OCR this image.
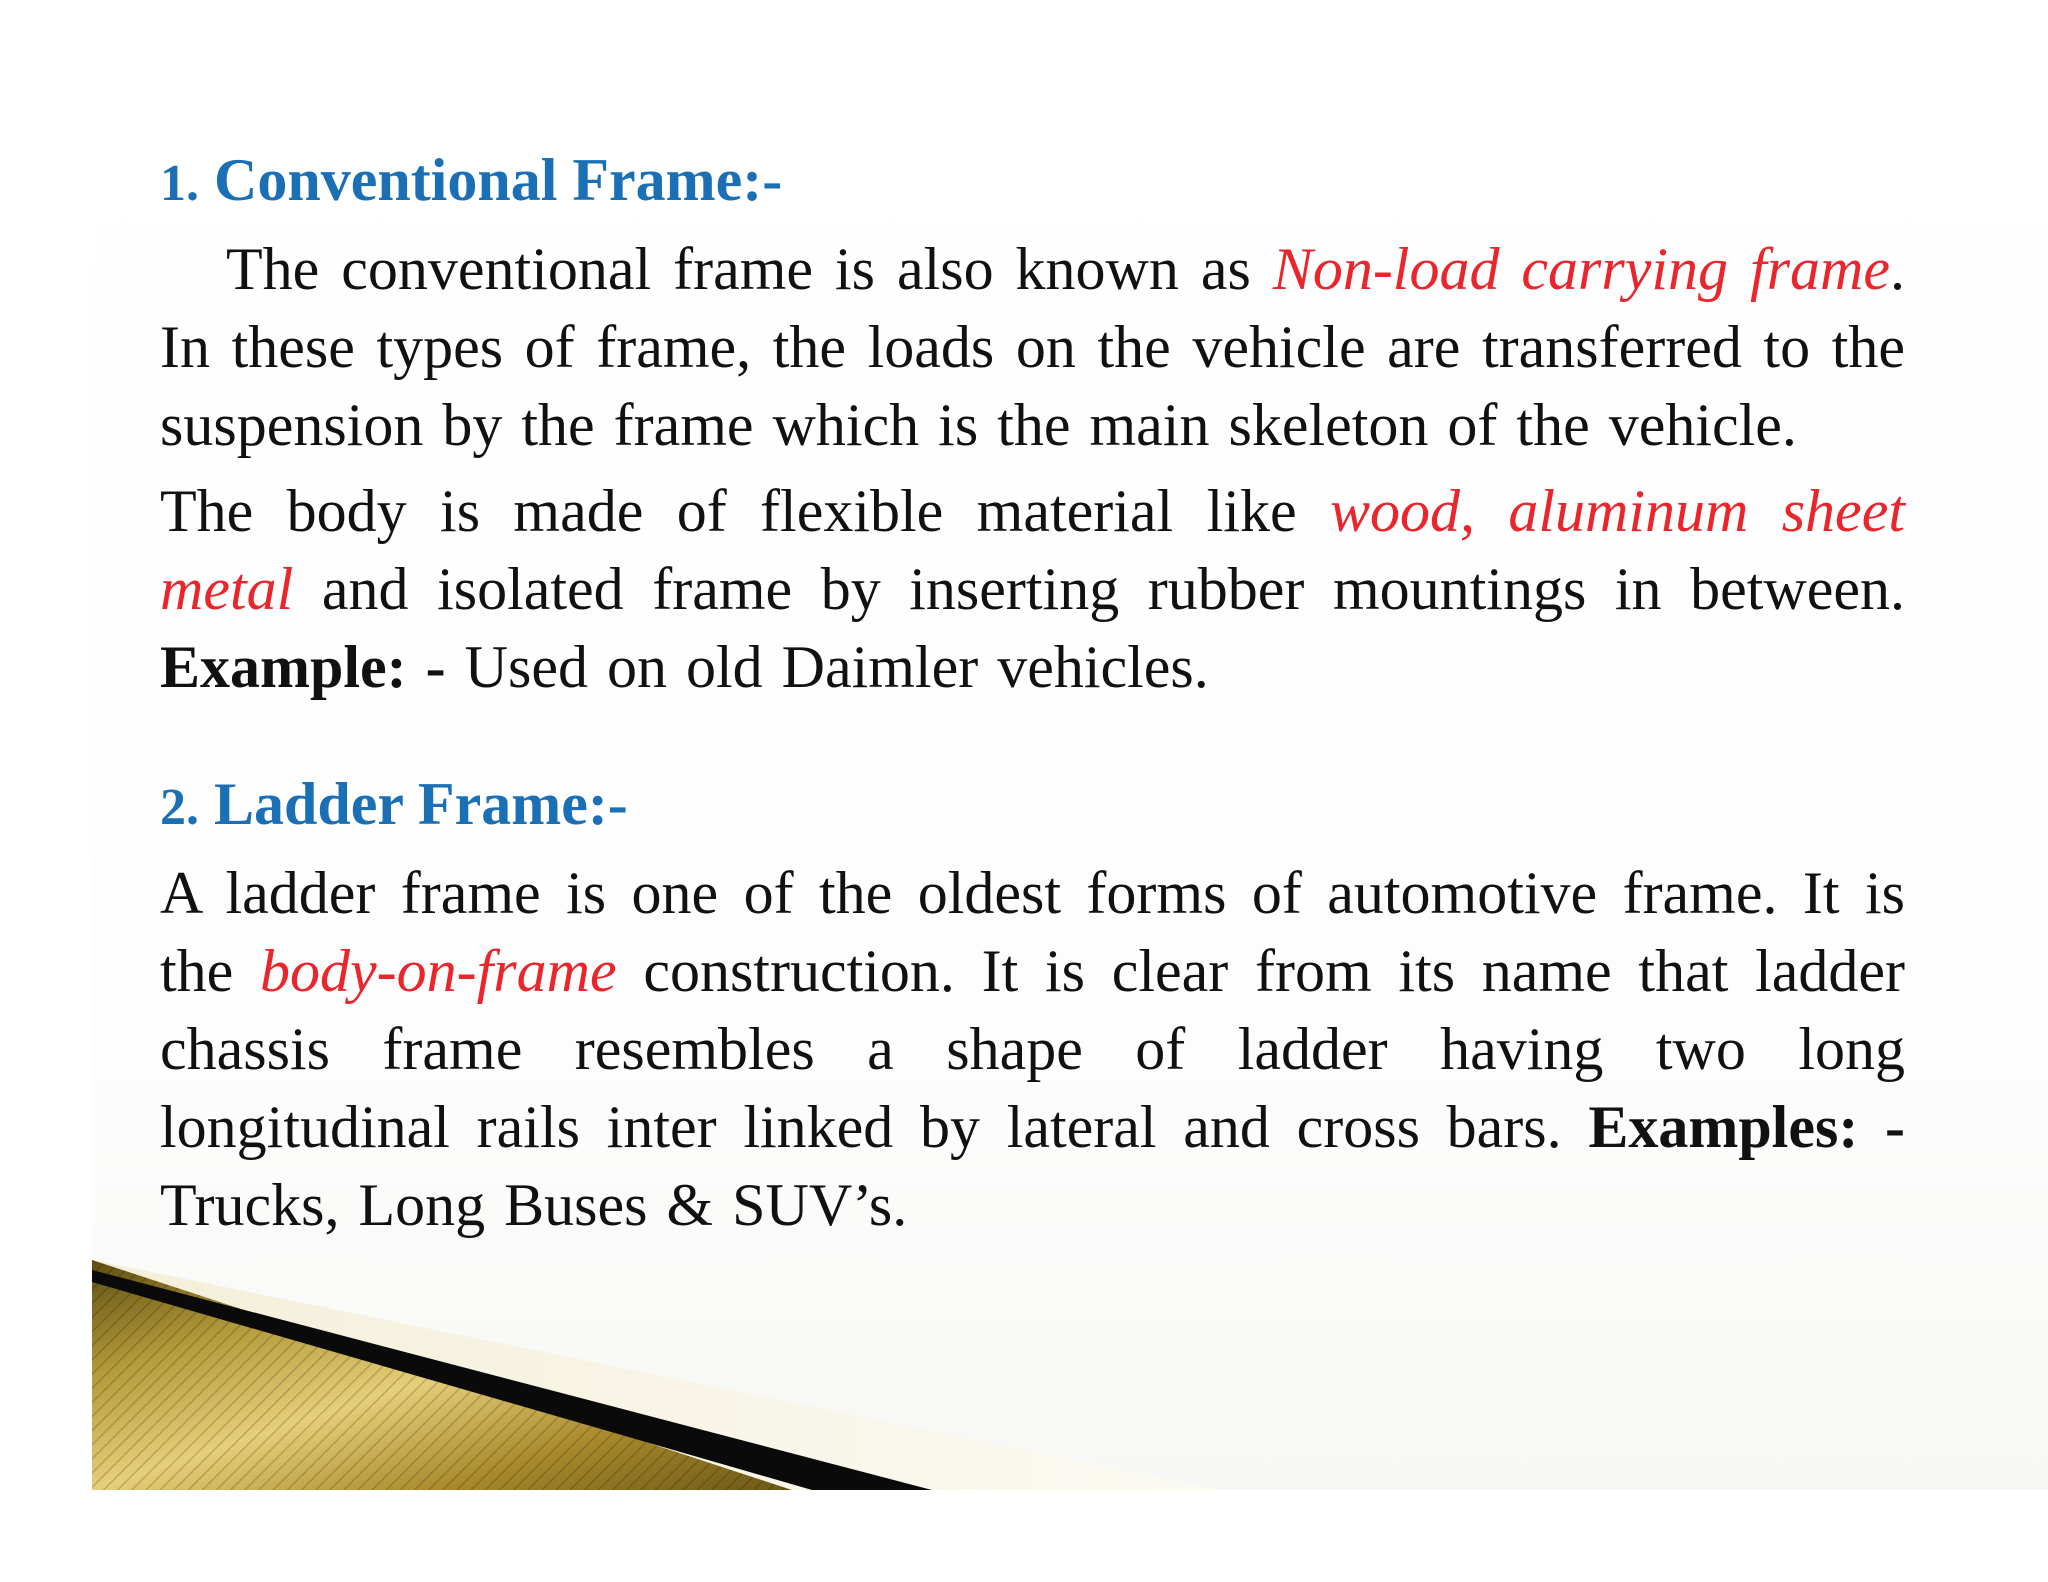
1. Conventional Frame:-

The conventional frame is also known as Non-load carrying frame. In these types of frame, the loads on the vehicle are transferred to the suspension by the frame which is the main skeleton of the vehicle.

The body is made of flexible material like wood, aluminum sheet metal and isolated frame by inserting rubber mountings in between. Example: - Used on old Daimler vehicles.

2. Ladder Frame:-

A ladder frame is one of the oldest forms of automotive frame. It is the body-on-frame construction. It is clear from its name that ladder chassis frame resembles a shape of ladder having two long longitudinal rails inter linked by lateral and cross bars. Examples: -Trucks, Long Buses & SUV’s.
